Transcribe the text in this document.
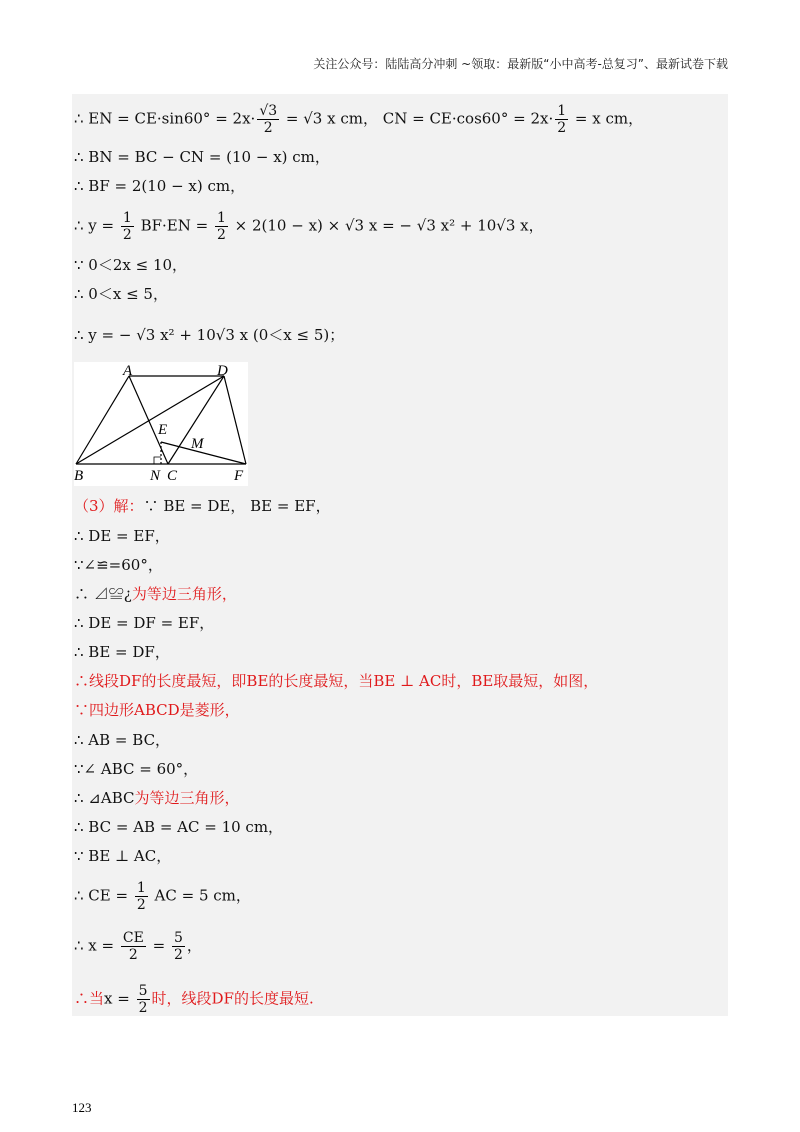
关注公众号：陆陆高分冲刺 ~领取：最新版“小中高考-总复习”、最新试卷下载
∴ EN = $CE\cdot\sin 60^\circ = 2x\cdot \frac{√3}{2} = √3$ x cm， CN = $CE\cdot\cos 60^\circ = 2x\cdot \frac{1}{2} = x$ cm，
∴ BN = BC − CN = (10 − x) cm，
∴ BF = 2(10 − x) cm，
∴ $y = \frac{1}{2} BF\cdot EN = \frac{1}{2} \times 2(10 - x) \times √3$ x = − √3 x² + 10√3 x，
∵ 0＜2x ≤ 10，
∴ 0＜x ≤ 5，
∴ y = − √3 x² + 10√3 x (0＜x ≤ 5)；
A	D
E
M
B	N C	F
（3）解：∵ BE = DE， BE = EF，
∴ DE = EF，
∵∠≌=60°，
∴ ⊿≌¿为等边三角形，
∴ DE = DF = EF，
∴ BE = DF，
∴线段DF的长度最短，即BE的长度最短，当BE ⊥ AC时，BE取最短，如图，
∵四边形ABCD是菱形，
∴ AB = BC，
∵∠ ABC = 60°，
∴ ⊿ABC为等边三角形，
∴ BC = AB = AC = 10 cm，
∵ BE ⊥ AC，
∴ CE = $\frac{1}{2}$ AC = 5 cm，
∴ $x = \frac{CE}{2} = \frac{5}{2}$ ，
∴当$x = \frac{5}{2}$ 时，线段DF的长度最短.
123
